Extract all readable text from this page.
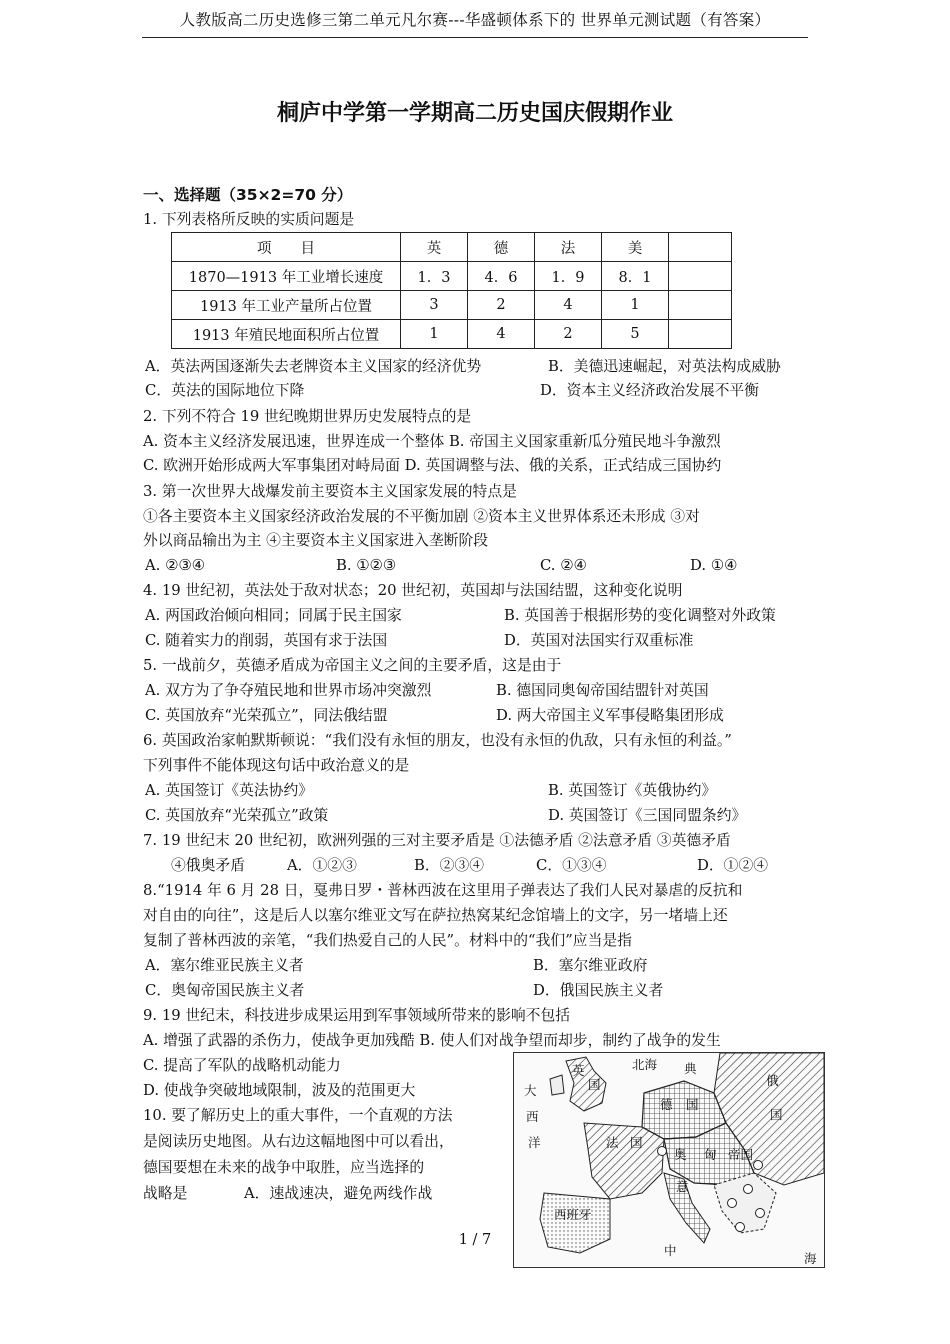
人教版高二历史选修三第二单元凡尔赛---华盛顿体系下的 世界单元测试题（有答案）
桐庐中学第一学期高二历史国庆假期作业
一、选择题（35×2=70 分）
1. 下列表格所反映的实质问题是
项　　目	英	德	法	美	
1870—1913 年工业增长速度	1．3	4．6	1．9	8．1	
1913 年工业产量所占位置	3	2	4	1	
1913 年殖民地面积所占位置	1	4	2	5	
A．英法两国逐渐失去老牌资本主义国家的经济优势	B．美德迅速崛起，对英法构成威胁
C．英法的国际地位下降	D．资本主义经济政治发展不平衡
2. 下列不符合 19 世纪晚期世界历史发展特点的是
A. 资本主义经济发展迅速，世界连成一个整体 B. 帝国主义国家重新瓜分殖民地斗争激烈
C. 欧洲开始形成两大军事集团对峙局面 D. 英国调整与法、俄的关系，正式结成三国协约
3. 第一次世界大战爆发前主要资本主义国家发展的特点是
①各主要资本主义国家经济政治发展的不平衡加剧 ②资本主义世界体系还未形成 ③对
外以商品输出为主 ④主要资本主义国家进入垄断阶段
A. ②③④	B. ①②③	C. ②④	D. ①④
4. 19 世纪初，英法处于敌对状态；20 世纪初，英国却与法国结盟，这种变化说明
A. 两国政治倾向相同；同属于民主国家	B. 英国善于根据形势的变化调整对外政策
C. 随着实力的削弱，英国有求于法国	D．英国对法国实行双重标准
5. 一战前夕，英德矛盾成为帝国主义之间的主要矛盾，这是由于
A. 双方为了争夺殖民地和世界市场冲突激烈	B. 德国同奥匈帝国结盟针对英国
C. 英国放弃“光荣孤立”，同法俄结盟	D. 两大帝国主义军事侵略集团形成
6. 英国政治家帕默斯顿说：“我们没有永恒的朋友，也没有永恒的仇敌，只有永恒的利益。”
下列事件不能体现这句话中政治意义的是
A. 英国签订《英法协约》	B. 英国签订《英俄协约》
C. 英国放弃“光荣孤立”政策	D. 英国签订《三国同盟条约》
7. 19 世纪末 20 世纪初，欧洲列强的三对主要矛盾是 ①法德矛盾 ②法意矛盾 ③英德矛盾
④俄奥矛盾	A．①②③	B．②③④	C．①③④	D．①②④
8.“1914 年 6 月 28 日，戛弗日罗・普林西波在这里用子弹表达了我们人民对暴虐的反抗和
对自由的向往”，这是后人以塞尔维亚文写在萨拉热窝某纪念馆墙上的文字，另一堵墙上还
复制了普林西波的亲笔，“我们热爱自己的人民”。材料中的“我们”应当是指
A．塞尔维亚民族主义者	B．塞尔维亚政府
C．奥匈帝国民族主义者	D．俄国民族主义者
9. 19 世纪末，科技进步成果运用到军事领域所带来的影响不包括
A. 增强了武器的杀伤力，使战争更加残酷 B. 使人们对战争望而却步，制约了战争的发生
C. 提高了军队的战略机动能力
D. 使战争突破地域限制，波及的范围更大
10. 要了解历史上的重大事件，一个直观的方法
是阅读历史地图。从右边这幅地图中可以看出，
德国要想在未来的战争中取胜，应当选择的
战略是	A．速战速决，避免两线作战
北海
大
西
洋
英
国
德 国
法 国
奥 匈 帝国
俄
国
意
西班牙
中
海
典
1 / 7
